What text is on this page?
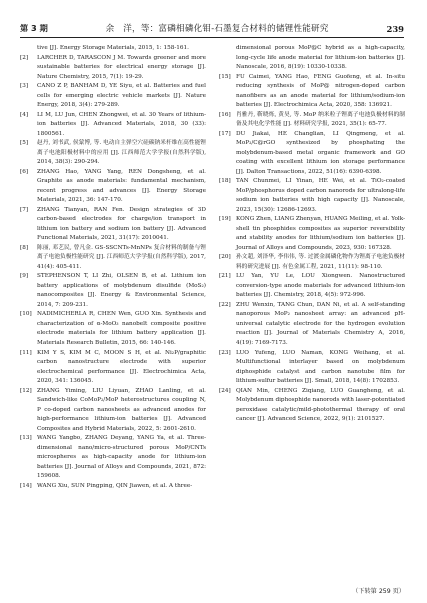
第 3 期	余　洋，等：富磷相磷化钼-石墨复合材料的储锂性能研究	239
tive [J]. Energy Storage Materials, 2015, 1: 158-161.
[2]	LARCHER D, TARASCON J M. Towards greener and more sustainable batteries for electrical energy storage [J]. Nature Chemistry, 2015, 7(1): 19-29.
[3]	CANO Z P, BANHAM D, YE Siyu, et al. Batteries and fuel cells for emerging electric vehicle markets [J]. Nature Energy, 2018, 3(4): 279-289.
[4]	LI M, LU Jun, CHEN Zhongwei, et al. 30 Years of lithium-ion batteries [J]. Advanced Materials, 2018, 30 (33): 1800561.
[5]	赵丹, 刘书武, 侯蒙博, 等. 电动自主弹空穴硅碳钠米杆维在高性能锂离子电池阳极材料中的应用 [J]. 江西师范大学学报(自然科学版), 2014, 38(3): 290-294.
[6]	ZHANG Hao, YANG Yang, REN Dongsheng, et al. Graphite as anode materials: fundamental mechanism, recent progress and advances [J]. Energy Storage Materials, 2021, 36: 147-170.
[7]	ZHANG Tianyan, RAN Fen. Design strategies of 3D carbon-based electrodes for charge/ion transport in lithium ion battery and sodium ion battery [J]. Advanced Functional Materials, 2021, 31(17): 2010041.
[8]	陈丽, 邓艺民, 曾凡金. GS-SSCNTs-MnNPs 复合材料的制备与锂离子电池负极性能研究 [J]. 江西师范大学学报(自然科学版), 2017, 41(4): 405-411.
[9]	STEPHENSON T, LI Zhi, OLSEN B, et al. Lithium ion battery applications of molybdenum disulfide (MoS₂) nanocomposites [J]. Energy & Environmental Science, 2014, 7: 209-231.
[10] NADIMICHERLA R, CHEN Wen, GUO Xin. Synthesis and characterization of α-MoO₃ nanobelt composite positive electrode materials for lithium battery application [J]. Materials Research Bulletin, 2015, 66: 140-146.
[11] KIM Y S, KIM M C, MOON S H, et al. Ni₂P/graphitic carbon nanostructure electrode with superior electrochemical performance [J]. Electrochimica Acta, 2020, 341: 136045.
[12] ZHANG Yiming, LIU Liyuan, ZHAO Lanling, et al. Sandwich-like CoMoP₂/MoP heterostructures coupling N, P co-doped carbon nanosheets as advanced anodes for high-performance lithium-ion batteries [J]. Advanced Composites and Hybrid Materials, 2022, 5: 2601-2610.
[13] WANG Yangbo, ZHANG Deyang, YANG Ya, et al. Three-dimensional nano/micro-structured porous MoP/CNTs microspheres as high-capacity anode for lithium-ion batteries [J]. Journal of Alloys and Compounds, 2021, 872: 159608.
[14] WANG Xiu, SUN Pingping, QIN Jiawen, et al. A three-
dimensional porous MoP@C hybrid as a high-capacity, long-cycle life anode material for lithium-ion batteries [J]. Nanoscale, 2016, 8(19): 10330-10338.
[15] FU Caimei, YANG Hao, FENG Guofeng, et al. In-situ reducing synthesis of MoP@ nitrogen-doped carbon nanofibers as an anode material for lithium/sodium-ion batteries [J]. Electrochimica Acta, 2020, 358: 136921.
[16] 肖雅丹, 靳晓烁, 黄昊, 等. MoP 纳米粒子锂离子电池负极材料的制备及其电化学性能 [J]. 材料研究学报, 2021, 35(1): 65-77.
[17] DU Jiakai, HE Changlian, LI Qingmeng, et al. MoP₂/C@rGO synthesized by phosphating the molybdenum-based metal organic framework and GO coating with excellent lithium ion storage performance [J]. Dalton Transactions, 2022, 51(16): 6390-6398.
[18] TAN Chunmei, LI Yinan, HE Wei, et al. TiO₂-coated MoP/phosphorus doped carbon nanorods for ultralong-life sodium ion batteries with high capacity [J]. Nanoscale, 2023, 15(30): 12686-12693.
[19] KONG Zhen, LIANG Zhenyan, HUANG Meiling, et al. Yolk-shell tin phosphides composites as superior reversibility and stability anodes for lithium/sodium ion batteries [J]. Journal of Alloys and Compounds, 2023, 930: 167328.
[20] 孙文超, 刘泽华, 李伟伟, 等. 过渡金属磷化物作为锂离子电池负极材料的研究进展 [J]. 有色金属工程, 2021, 11(11): 98-110.
[21] LU Yan, YU Le, LOU Xiongwen. Nanostructured conversion-type anode materials for advanced lithium-ion batteries [J]. Chemistry, 2018, 4(5): 972-996.
[22] ZHU Wenxin, TANG Chun, DAN Ni, et al. A self-standing nanoporous MoP₂ nanosheet array: an advanced pH-universal catalytic electrode for the hydrogen evolution reaction [J]. Journal of Materials Chemistry A, 2016, 4(19): 7169-7173.
[23] LUO Yufeng, LUO Naman, KONG Weihang, et al. Multifunctional interlayer based on molybdenum diphosphide catalyst and carbon nanotube film for lithium-sulfur batteries [J]. Small, 2018, 14(8): 1702853.
[24] QIAN Min, CHENG Ziqiang, LUO Guangheng, et al. Molybdenum diphosphide nanorods with laser-potentiated peroxidase catalytic/mild-photothermal therapy of oral cancer [J]. Advanced Science, 2022, 9(1): 2101527.
（下转第 259 页）
